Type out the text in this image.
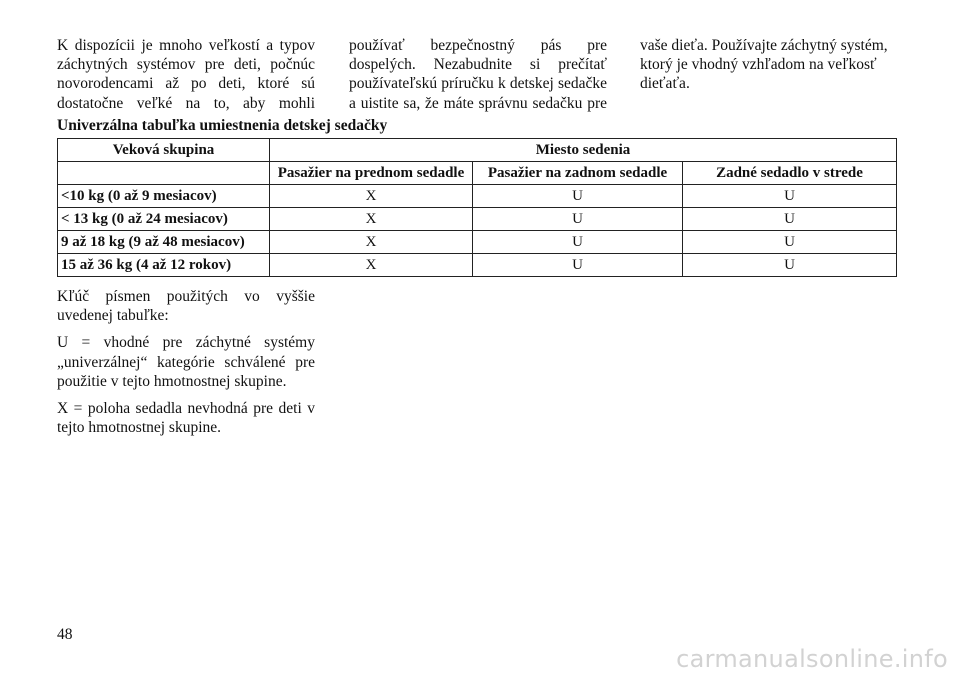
K dispozícii je mnoho veľkostí a typov
záchytných systémov pre deti, počnúc
novorodencami až po deti, ktoré sú
dostatočne veľké na to, aby mohli
používať bezpečnostný pás pre
dospelých. Nezabudnite si prečítať
používateľskú príručku k detskej sedačke
a uistite sa, že máte správnu sedačku pre
vaše dieťa. Používajte záchytný systém,
ktorý je vhodný vzhľadom na veľkosť
dieťaťa.
Univerzálna tabuľka umiestnenia detskej sedačky
Veková skupina	Miesto sedenia		
	Pasažier na prednom sedadle	Pasažier na zadnom sedadle	Zadné sedadlo v strede
<10 kg (0 až 9 mesiacov)	X	U	U
< 13 kg (0 až 24 mesiacov)	X	U	U
9 až 18 kg (9 až 48 mesiacov)	X	U	U
15 až 36 kg (4 až 12 rokov)	X	U	U

Kľúč písmen použitých vo vyššie uvedenej tabuľke:

U = vhodné pre záchytné systémy „univerzálnej“ kategórie schválené pre použitie v tejto hmotnostnej skupine.

X = poloha sedadla nevhodná pre deti v tejto hmotnostnej skupine.

48
carmanualsonline.info
